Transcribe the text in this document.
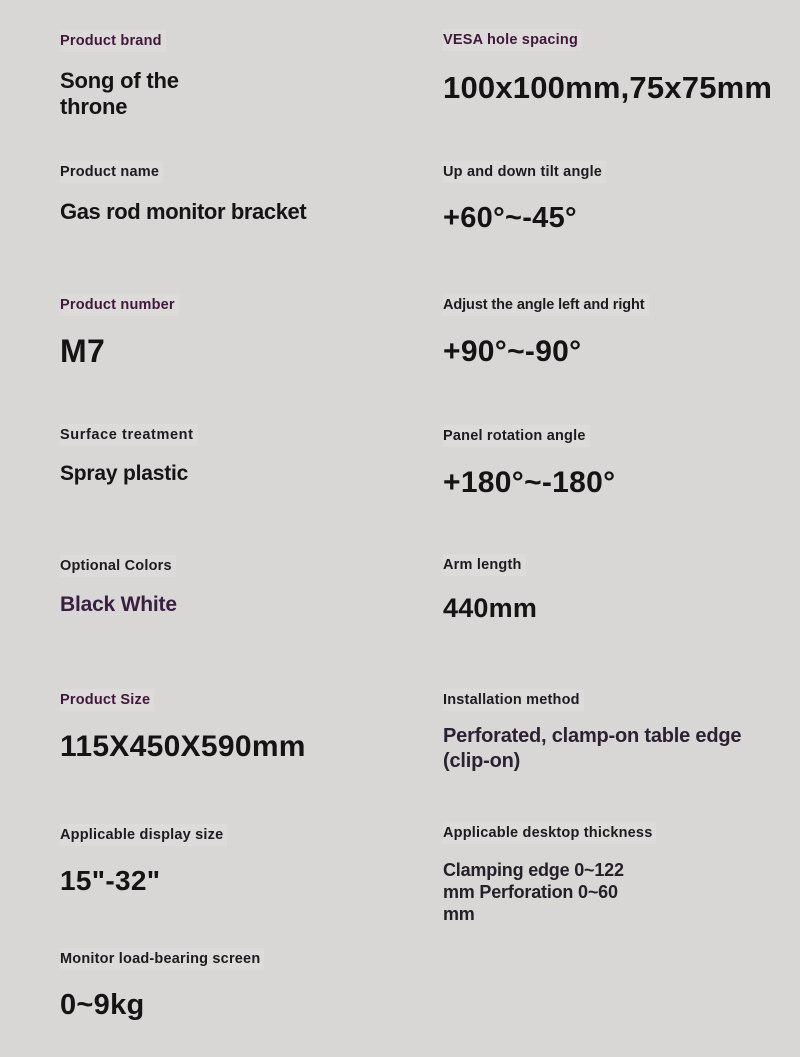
Product brand
Song of the throne
Product name
Gas rod monitor bracket
Product number
M7
Surface treatment
Spray plastic
Optional Colors
Black White
Product Size
115X450X590mm
Applicable display size
15"-32"
Monitor load-bearing screen
0~9kg
VESA hole spacing
100x100mm,75x75mm
Up and down tilt angle
+60°~-45°
Adjust the angle left and right
+90°~-90°
Panel rotation angle
+180°~-180°
Arm length
440mm
Installation method
Perforated, clamp-on table edge (clip-on)
Applicable desktop thickness
Clamping edge 0~122 mm Perforation 0~60 mm
